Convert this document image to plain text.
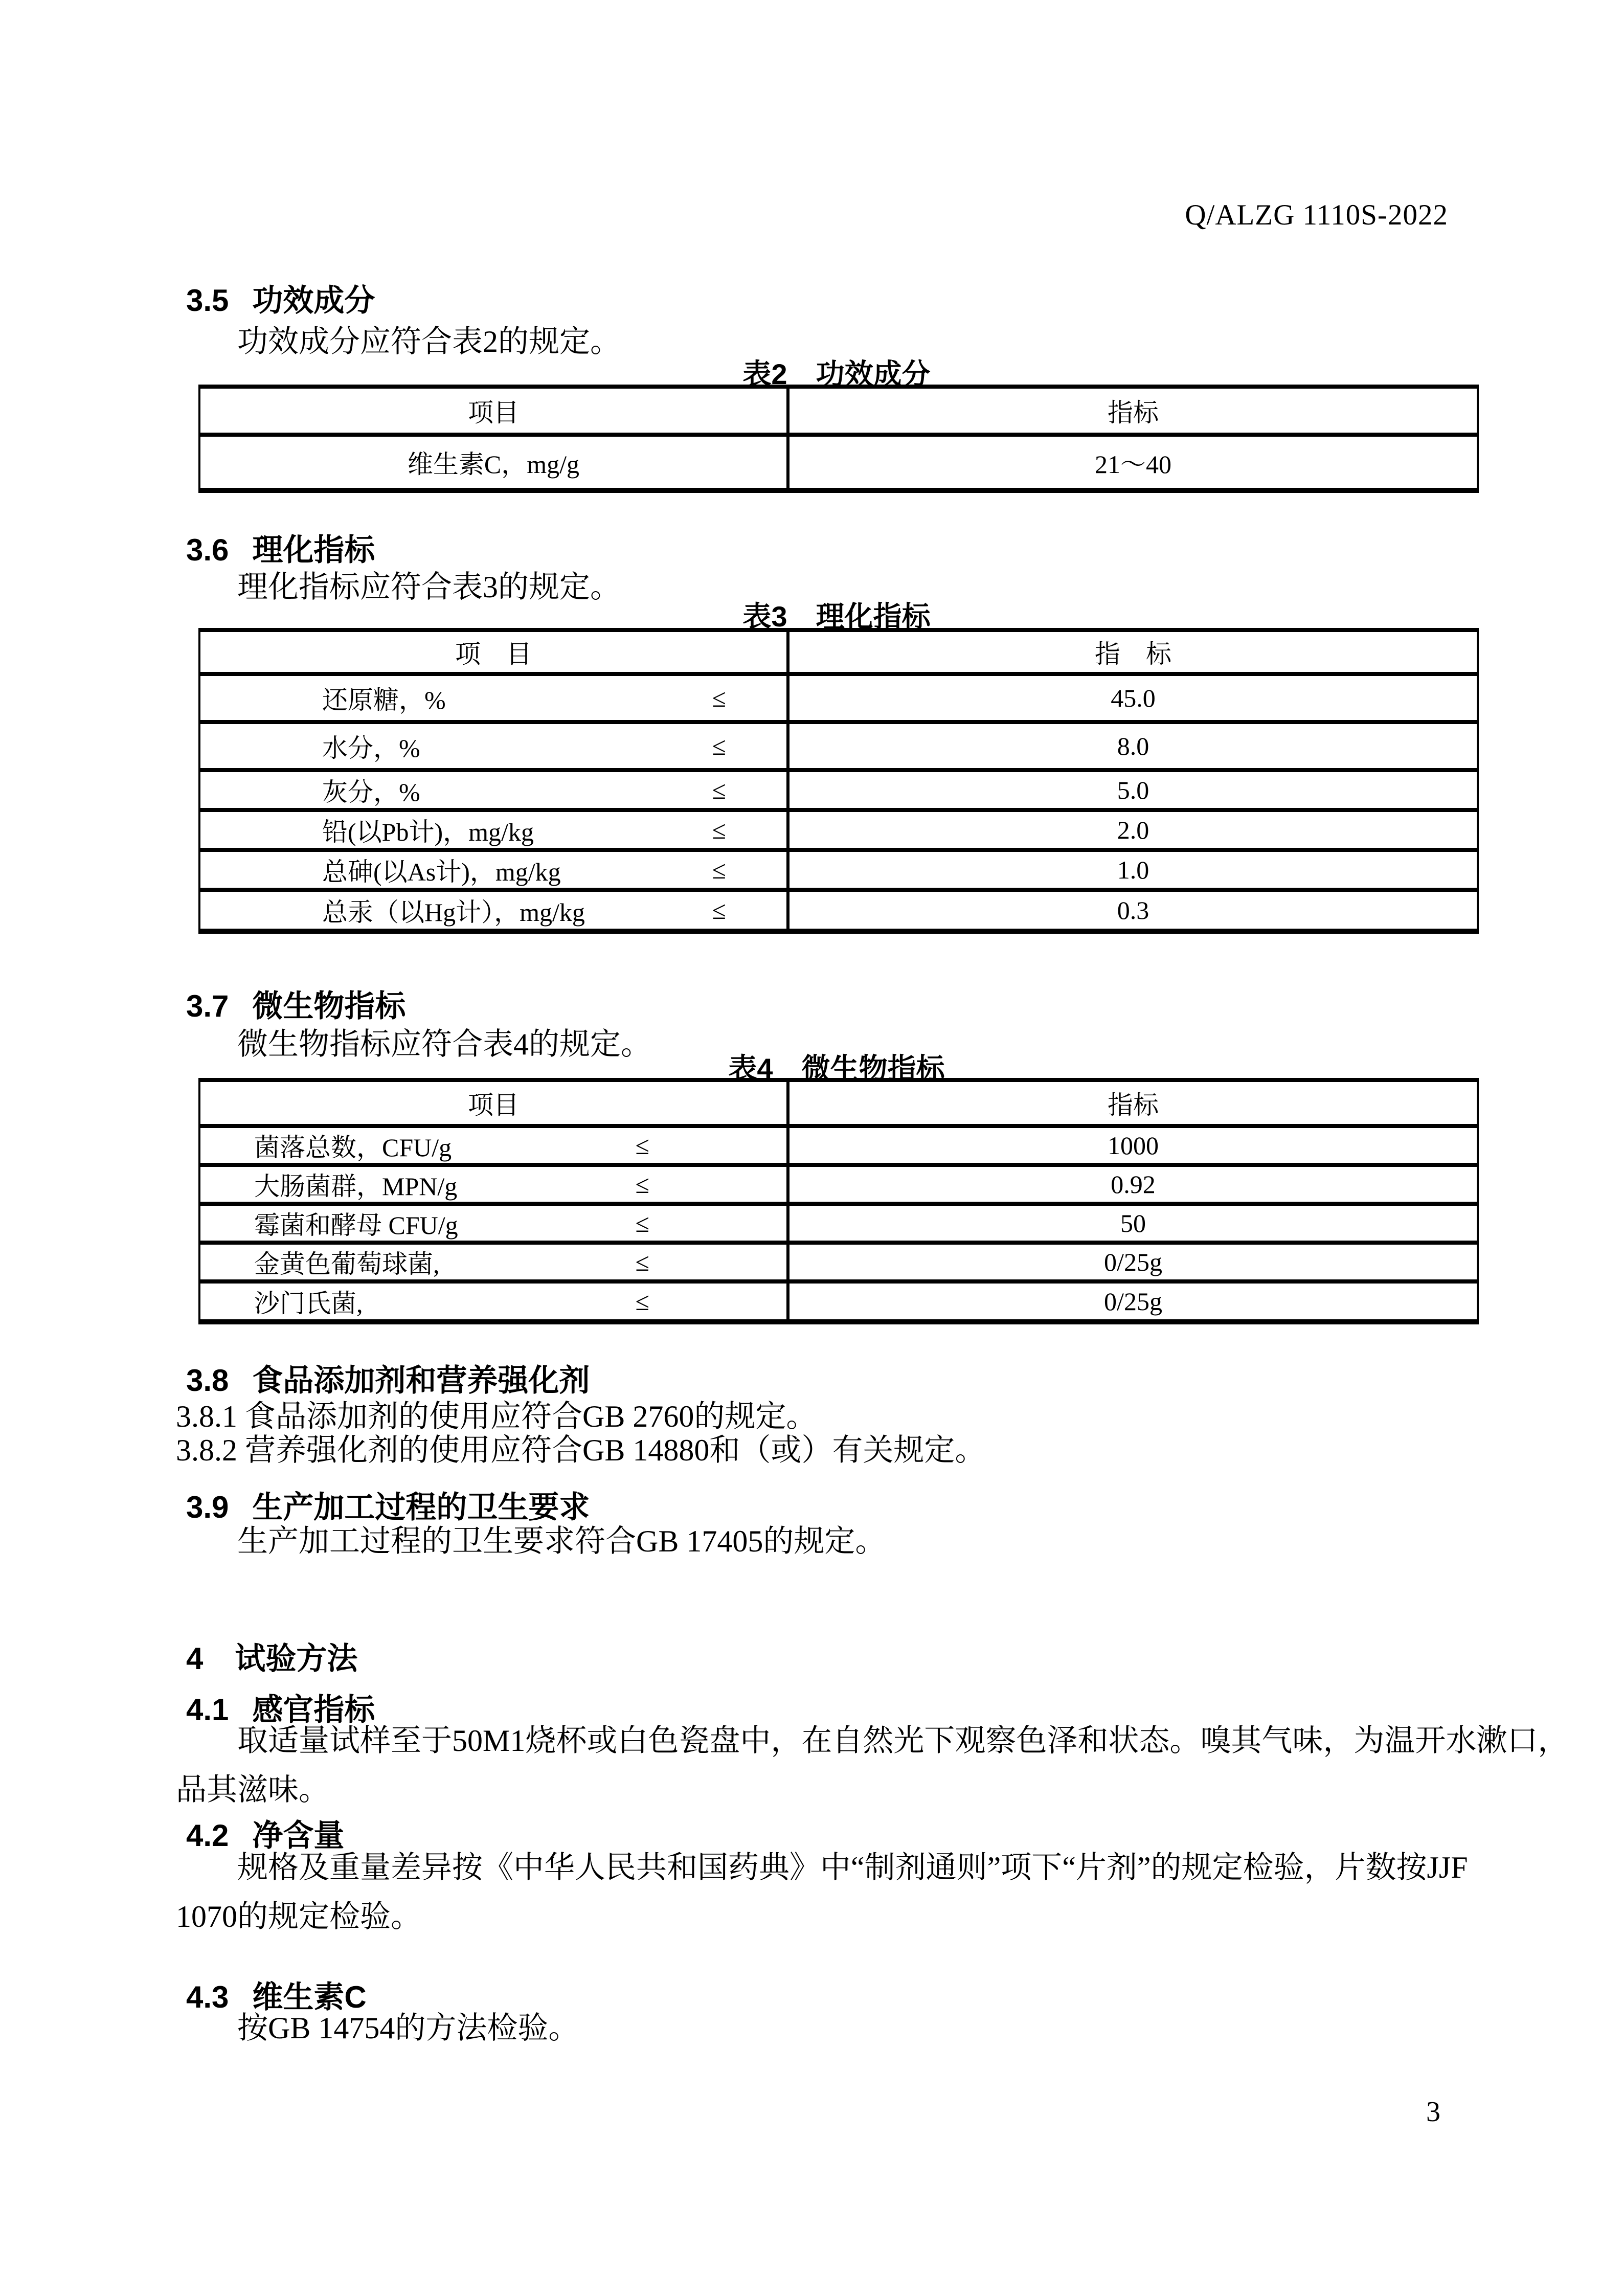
Q/ALZG 1110S-2022
3.5 功效成分
功效成分应符合表2的规定。
表2 功效成分
项目	指标
维生素C，mg/g	21～40
3.6 理化指标
理化指标应符合表3的规定。
表3 理化指标
项　目	指　标
还原糖，%	≤	45.0
水分，%	≤	8.0
灰分，%	≤	5.0
铅(以Pb计)，mg/kg	≤	2.0
总砷(以As计)，mg/kg	≤	1.0
总汞（以Hg计），mg/kg	≤	0.3
3.7 微生物指标
微生物指标应符合表4的规定。
表4 微生物指标
项目	指标
菌落总数，CFU/g	≤	1000
大肠菌群，MPN/g	≤	0.92
霉菌和酵母 CFU/g	≤	50
金黄色葡萄球菌,	≤	0/25g
沙门氏菌,	≤	0/25g
3.8 食品添加剂和营养强化剂
3.8.1 食品添加剂的使用应符合GB 2760的规定。
3.8.2 营养强化剂的使用应符合GB 14880和（或）有关规定。
3.9 生产加工过程的卫生要求
生产加工过程的卫生要求符合GB 17405的规定。
4 试验方法
4.1 感官指标
取适量试样至于50M1烧杯或白色瓷盘中，在自然光下观察色泽和状态。嗅其气味，为温开水漱口，
品其滋味。
4.2 净含量
规格及重量差异按《中华人民共和国药典》中“制剂通则”项下“片剂”的规定检验，片数按JJF
1070的规定检验。
4.3 维生素C
按GB 14754的方法检验。
3
